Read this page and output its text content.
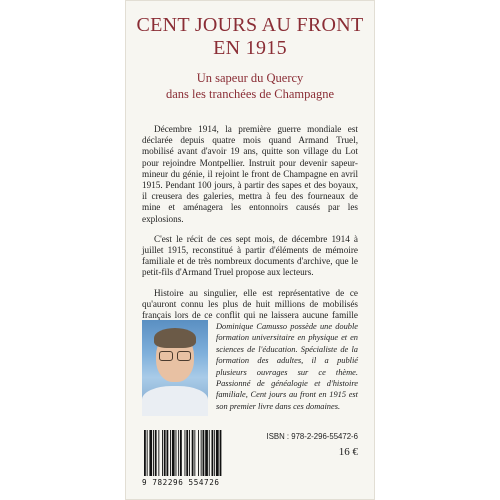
CENT JOURS AU FRONT
EN 1915
Un sapeur du Quercy
dans les tranchées de Champagne

Décembre 1914, la première guerre mondiale est déclarée depuis quatre mois quand Armand Truel, mobilisé avant d'avoir 19 ans, quitte son village du Lot pour rejoindre Montpellier. Instruit pour devenir sapeur-mineur du génie, il rejoint le front de Champagne en avril 1915. Pendant 100 jours, à partir des sapes et des boyaux, il creusera des galeries, mettra à feu des fourneaux de mine et aménagera les entonnoirs causés par les explosions.

C'est le récit de ces sept mois, de décembre 1914 à juillet 1915, reconstitué à partir d'éléments de mémoire familiale et de très nombreux documents d'archive, que le petit-fils d'Armand Truel propose aux lecteurs.

Histoire au singulier, elle est représentative de ce qu'auront connu les plus de huit millions de mobilisés français lors de ce conflit qui ne laissera aucune famille

Dominique Camusso possède une double formation universitaire en physique et en sciences de l'éducation. Spécialiste de la formation des adultes, il a publié plusieurs ouvrages sur ce thème. Passionné de généalogie et d'histoire familiale, Cent jours au front en 1915 est son premier livre dans ces domaines.
9 782296 554726
ISBN : 978-2-296-55472-6
16 €
